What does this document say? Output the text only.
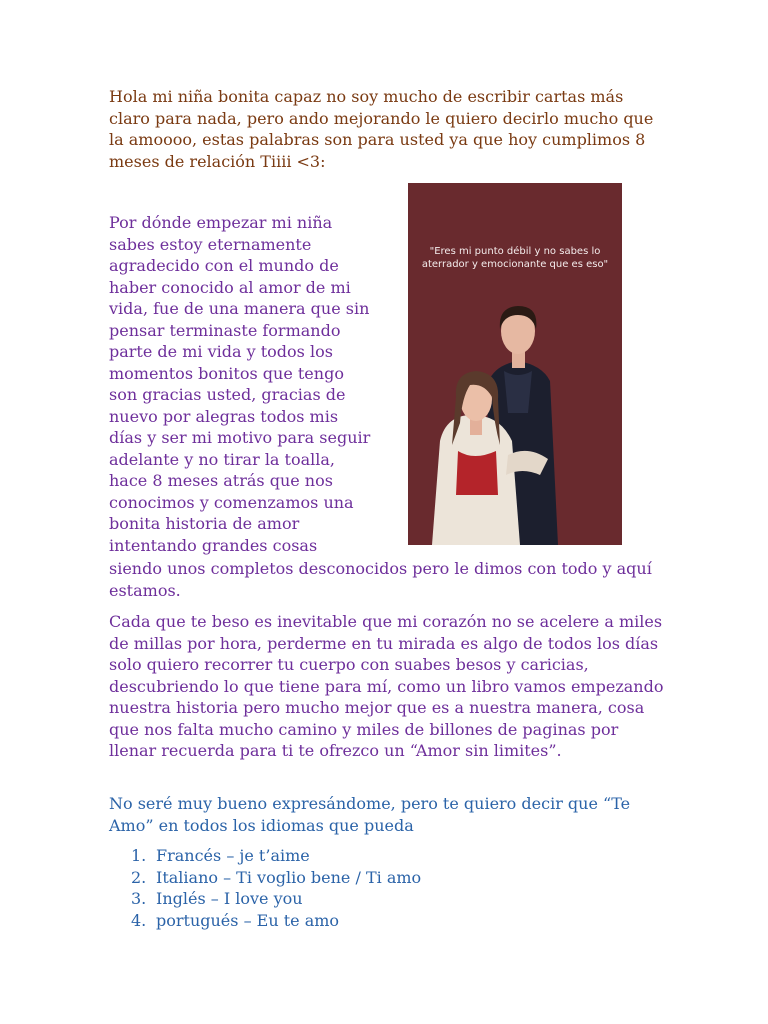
Hola mi niña bonita capaz no soy mucho de escribir cartas más claro para nada, pero ando mejorando le quiero decirlo mucho que la amoooo, estas palabras son para usted ya que hoy cumplimos 8 meses de relación Tiiii <3:

Por dónde empezar mi niña
sabes estoy eternamente
agradecido con el mundo de
haber conocido al amor de mi
vida, fue de una manera que sin
pensar terminaste formando
parte de mi vida y todos los
momentos bonitos que tengo
son gracias usted, gracias de
nuevo por alegras todos mis
días y ser mi motivo para seguir
adelante y no tirar la toalla,
hace 8 meses atrás que nos
conocimos y comenzamos una
bonita historia de amor
intentando grandes cosas

"Eres mi punto débil y no sabes lo aterrador y emocionante que es eso"

siendo unos completos desconocidos pero le dimos con todo y aquí estamos.

Cada que te beso es inevitable que mi corazón no se acelere a miles de millas por hora, perderme en tu mirada es algo de todos los días solo quiero recorrer tu cuerpo con suabes besos y caricias, descubriendo lo que tiene para mí, como un libro vamos empezando nuestra historia pero mucho mejor que es a nuestra manera, cosa que nos falta mucho camino y miles de billones de paginas por llenar recuerda para ti te ofrezco un “Amor sin limites”.

No seré muy bueno expresándome, pero te quiero decir que “Te Amo” en todos los idiomas que pueda

1. Francés – je t’aime
2. Italiano – Ti voglio bene / Ti amo
3. Inglés – I love you
4. portugués – Eu te amo
